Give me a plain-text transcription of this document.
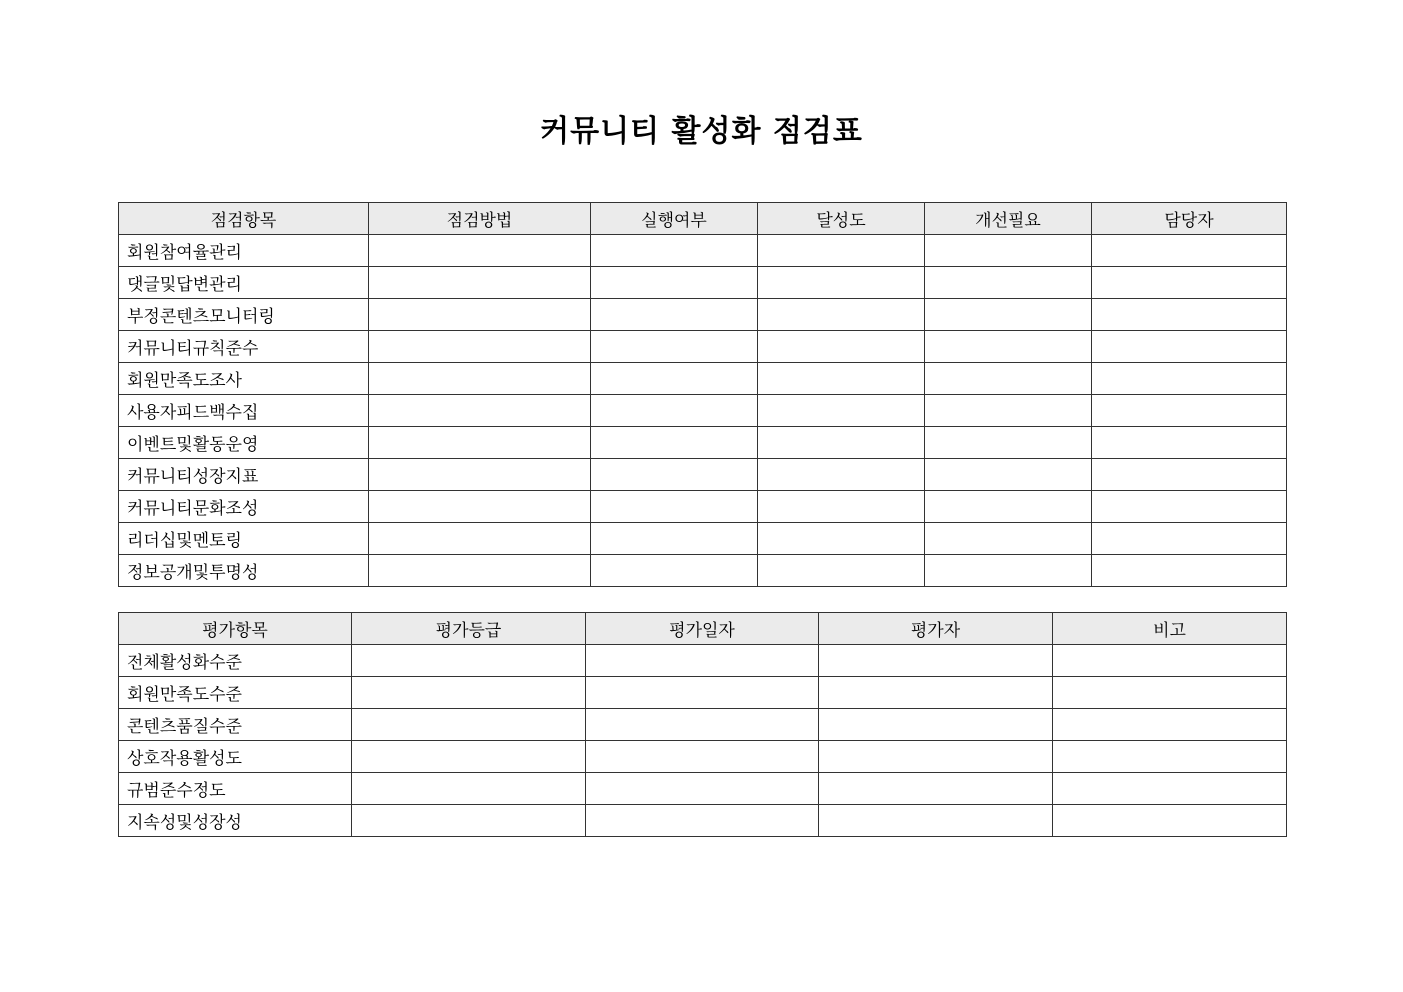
커뮤니티 활성화 점검표
점검항목	점검방법	실행여부	달성도	개선필요	담당자
회원참여율관리					
댓글및답변관리					
부정콘텐츠모니터링					
커뮤니티규칙준수					
회원만족도조사					
사용자피드백수집					
이벤트및활동운영					
커뮤니티성장지표					
커뮤니티문화조성					
리더십및멘토링					
정보공개및투명성					
평가항목	평가등급	평가일자	평가자	비고
전체활성화수준				
회원만족도수준				
콘텐츠품질수준				
상호작용활성도				
규범준수정도				
지속성및성장성				
